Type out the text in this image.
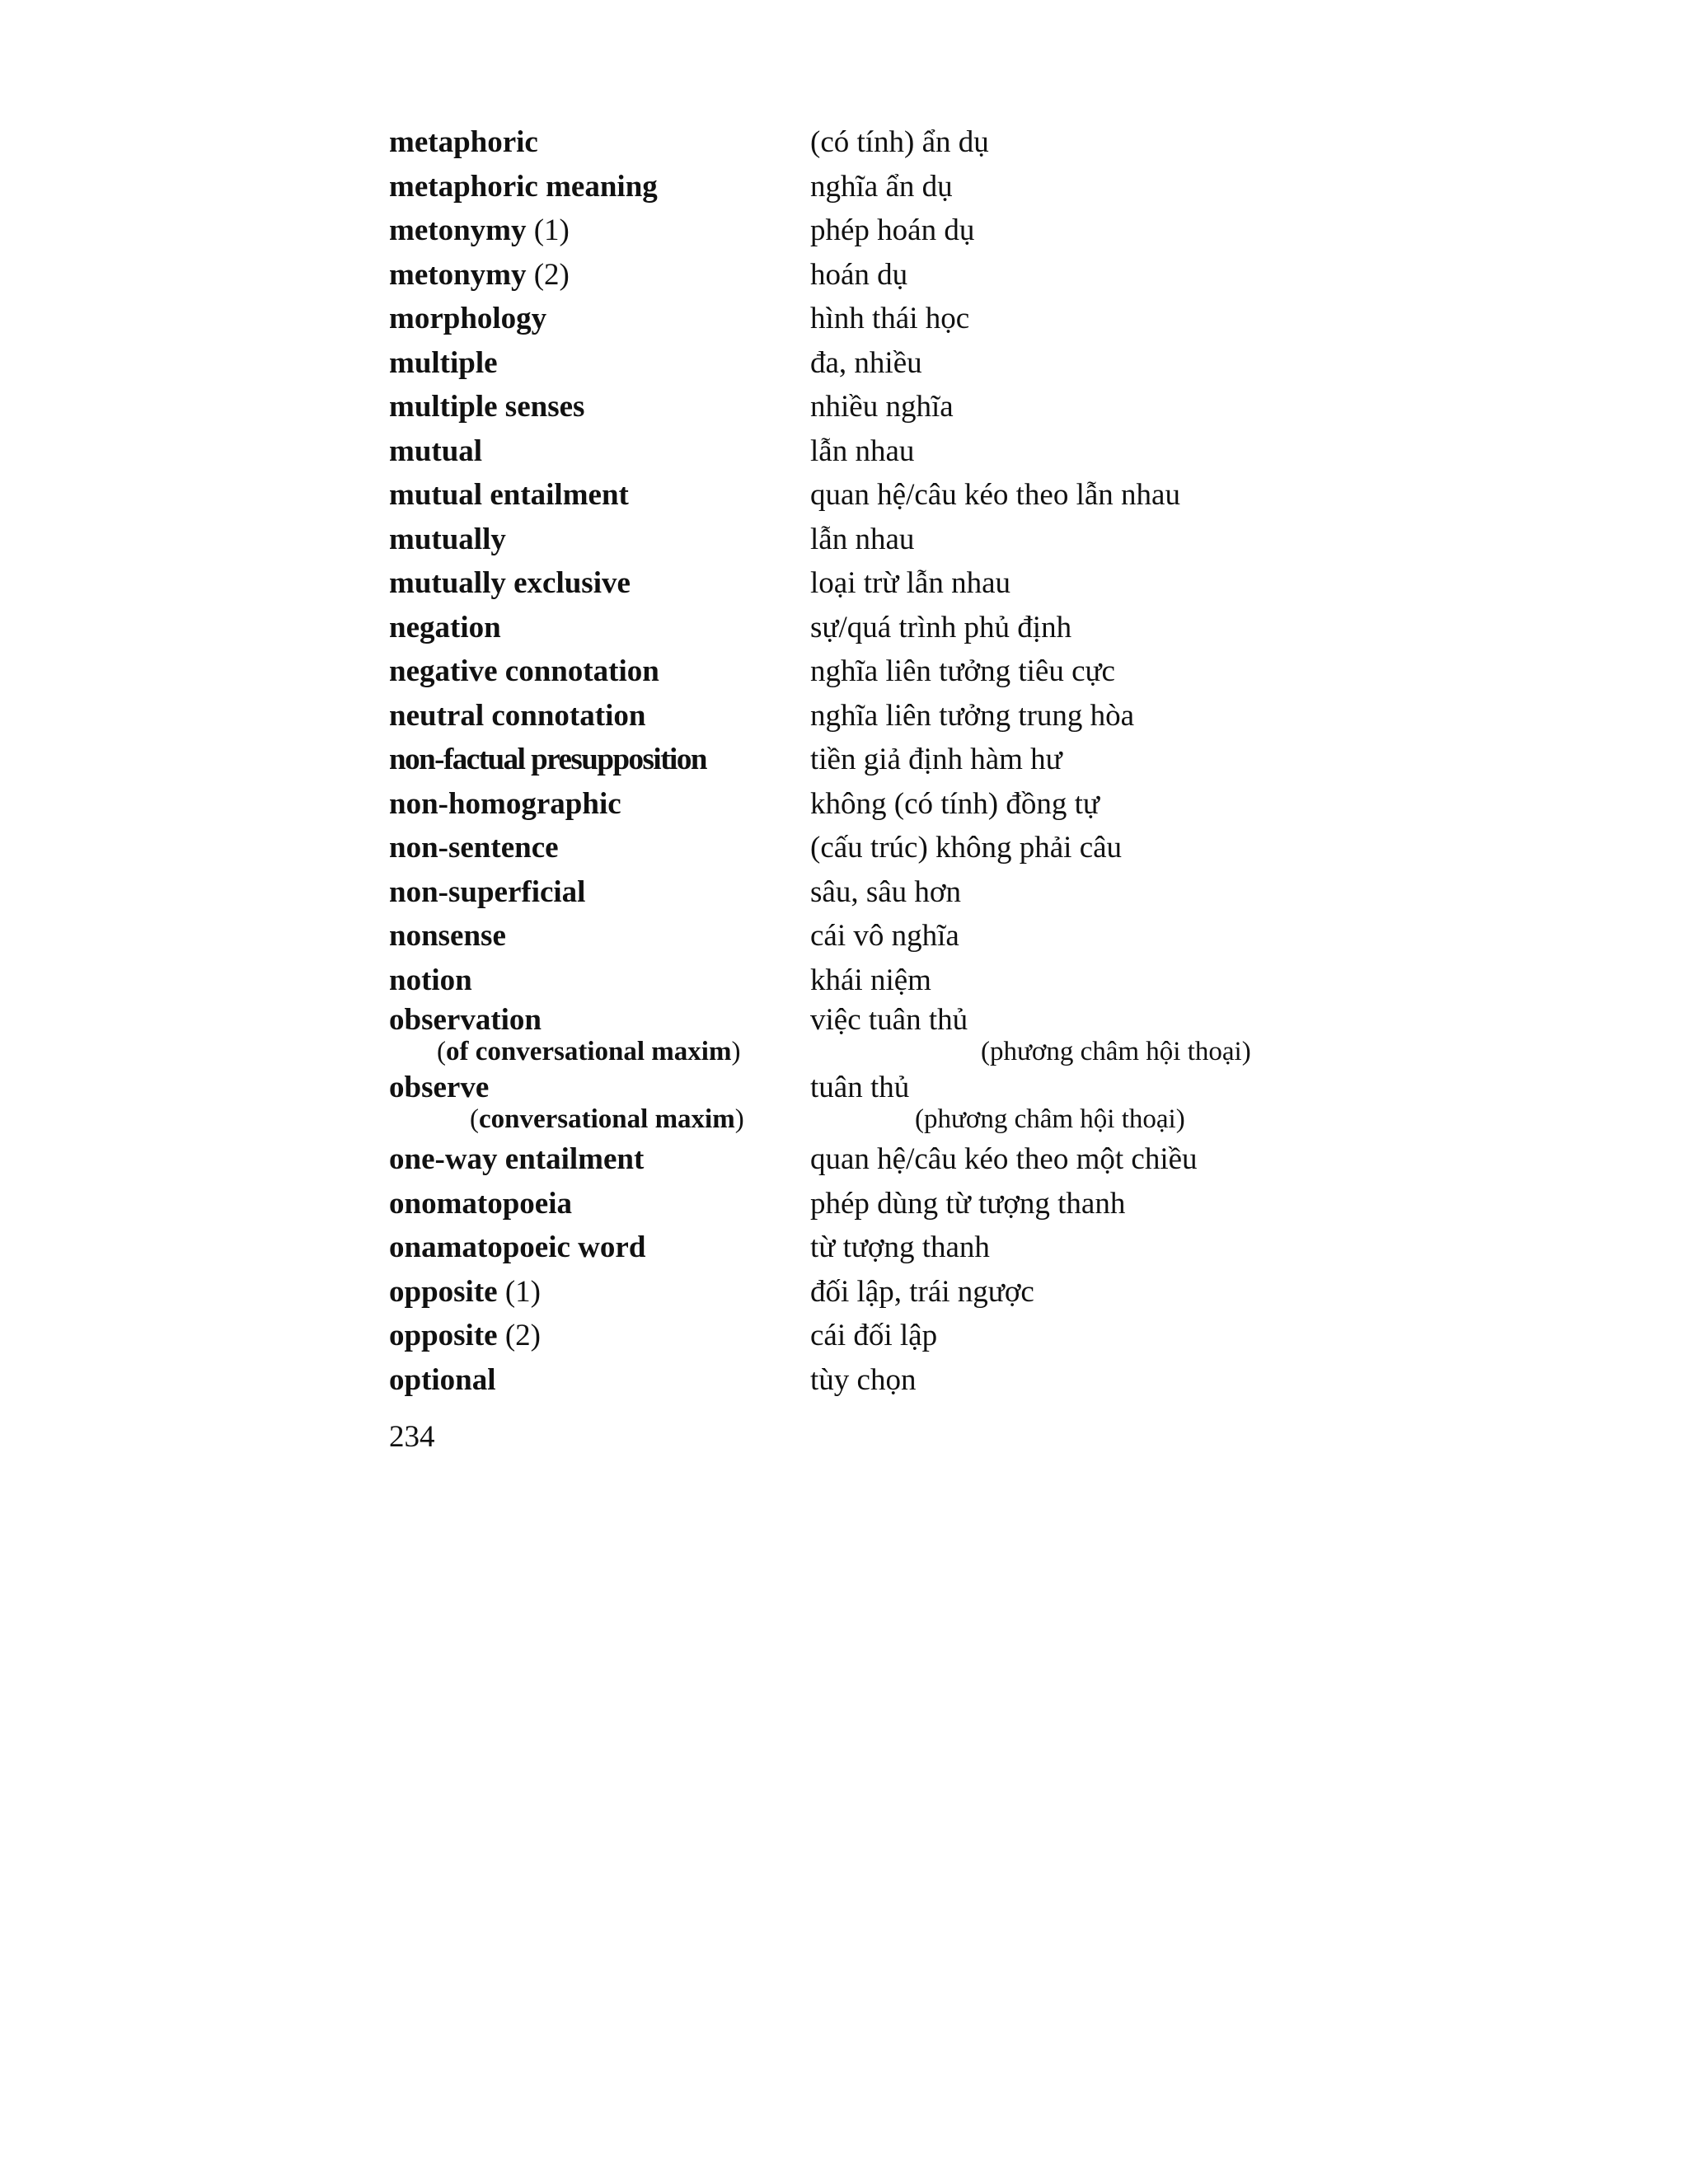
metaphoric	(có tính) ẩn dụ
metaphoric meaning	nghĩa ẩn dụ
metonymy (1)	phép hoán dụ
metonymy (2)	hoán dụ
morphology	hình thái học
multiple	đa, nhiều
multiple senses	nhiều nghĩa
mutual	lẫn nhau
mutual entailment	quan hệ/câu kéo theo lẫn nhau
mutually	lẫn nhau
mutually exclusive	loại trừ lẫn nhau
negation	sự/quá trình phủ định
negative connotation	nghĩa liên tưởng tiêu cực
neutral connotation	nghĩa liên tưởng trung hòa
non-factual presupposition	tiền giả định hàm hư
non-homographic	không (có tính) đồng tự
non-sentence	(cấu trúc) không phải câu
non-superficial	sâu, sâu hơn
nonsense	cái vô nghĩa
notion	khái niệm
observation	việc tuân thủ
(of conversational maxim)	(phương châm hội thoại)
observe	tuân thủ
(conversational maxim)	(phương châm hội thoại)
one-way entailment	quan hệ/câu kéo theo một chiều
onomatopoeia	phép dùng từ tượng thanh
onamatopoeic word	từ tượng thanh
opposite (1)	đối lập, trái ngược
opposite (2)	cái đối lập
optional	tùy chọn
234
